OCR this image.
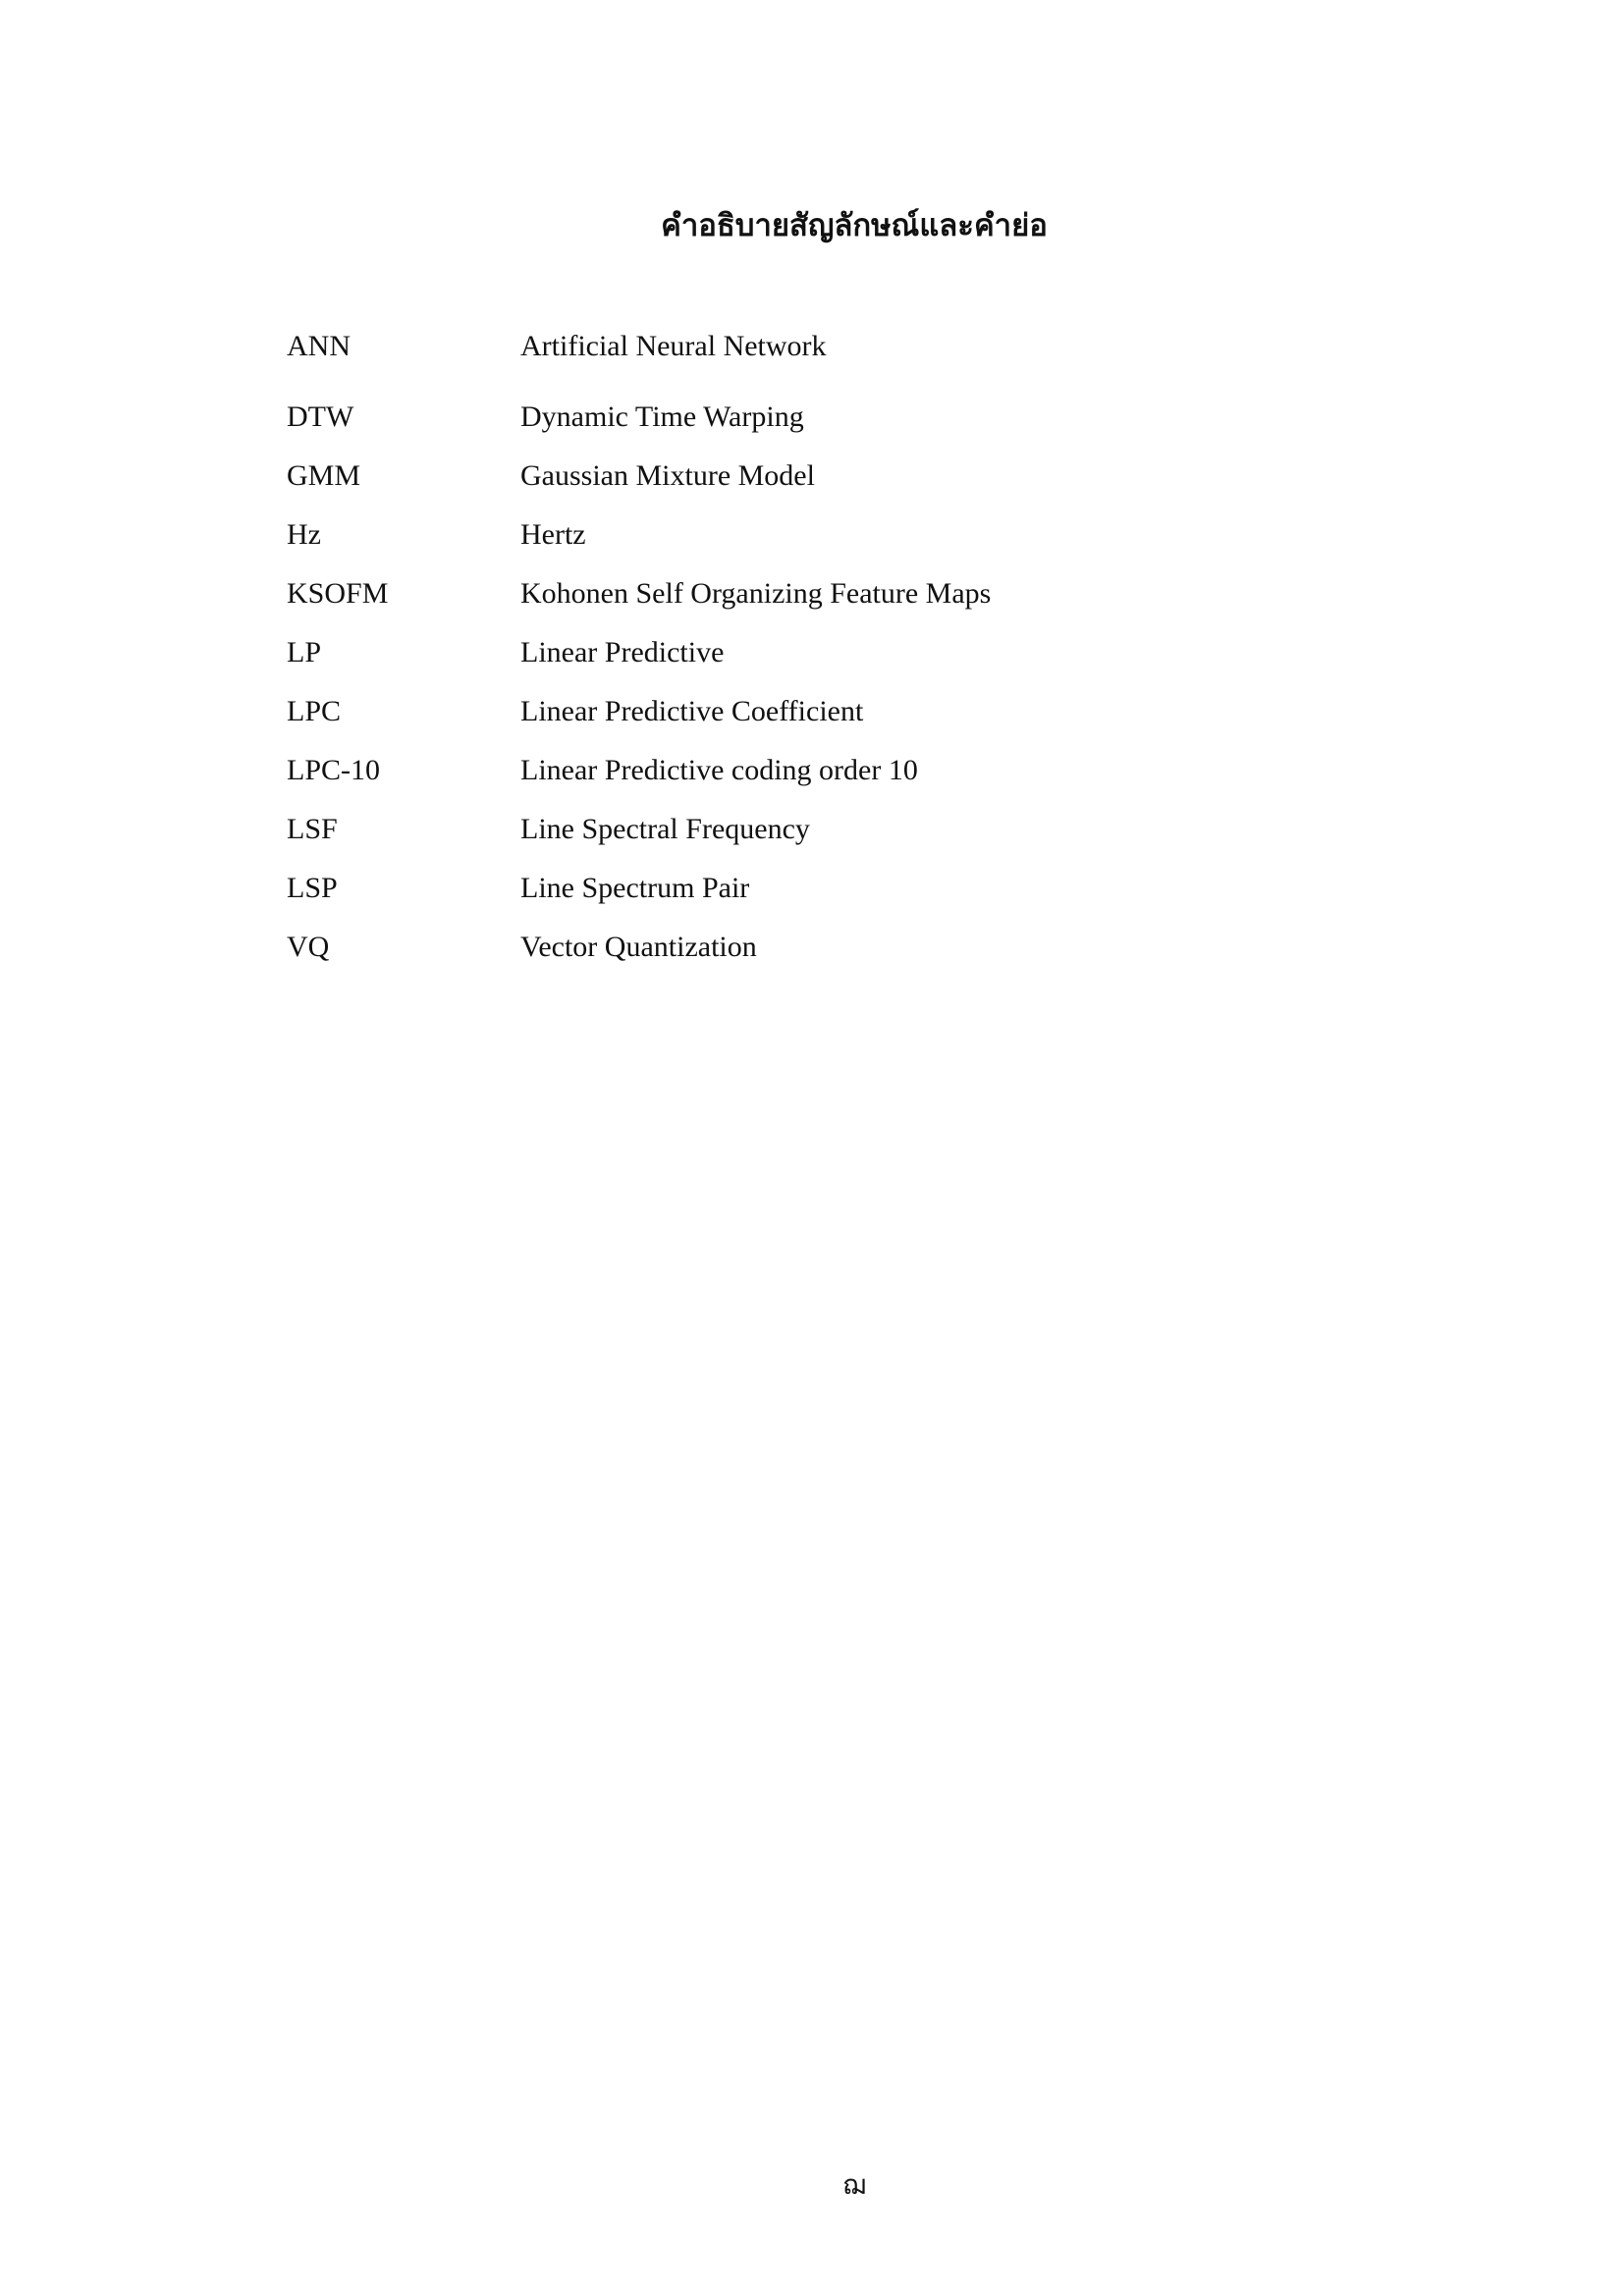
คำอธิบายสัญลักษณ์และคำย่อ
ANN	Artificial Neural Network
DTW	Dynamic Time Warping
GMM	Gaussian Mixture Model
Hz	Hertz
KSOFM	Kohonen Self Organizing Feature Maps
LP	Linear Predictive
LPC	Linear Predictive Coefficient
LPC-10	Linear Predictive coding order 10
LSF	Line Spectral Frequency
LSP	Line Spectrum Pair
VQ	Vector Quantization
ฌ
